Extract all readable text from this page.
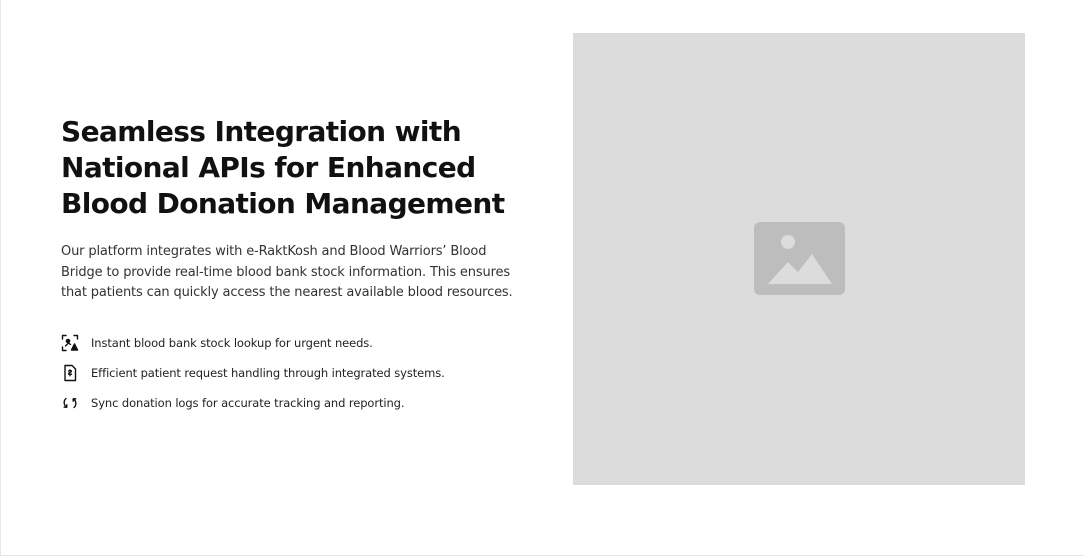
Seamless Integration with National APIs for Enhanced Blood Donation Management

Our platform integrates with e-RaktKosh and Blood Warriors’ Blood Bridge to provide real-time blood bank stock information. This ensures that patients can quickly access the nearest available blood resources.

Instant blood bank stock lookup for urgent needs.
Efficient patient request handling through integrated systems.
Sync donation logs for accurate tracking and reporting.
